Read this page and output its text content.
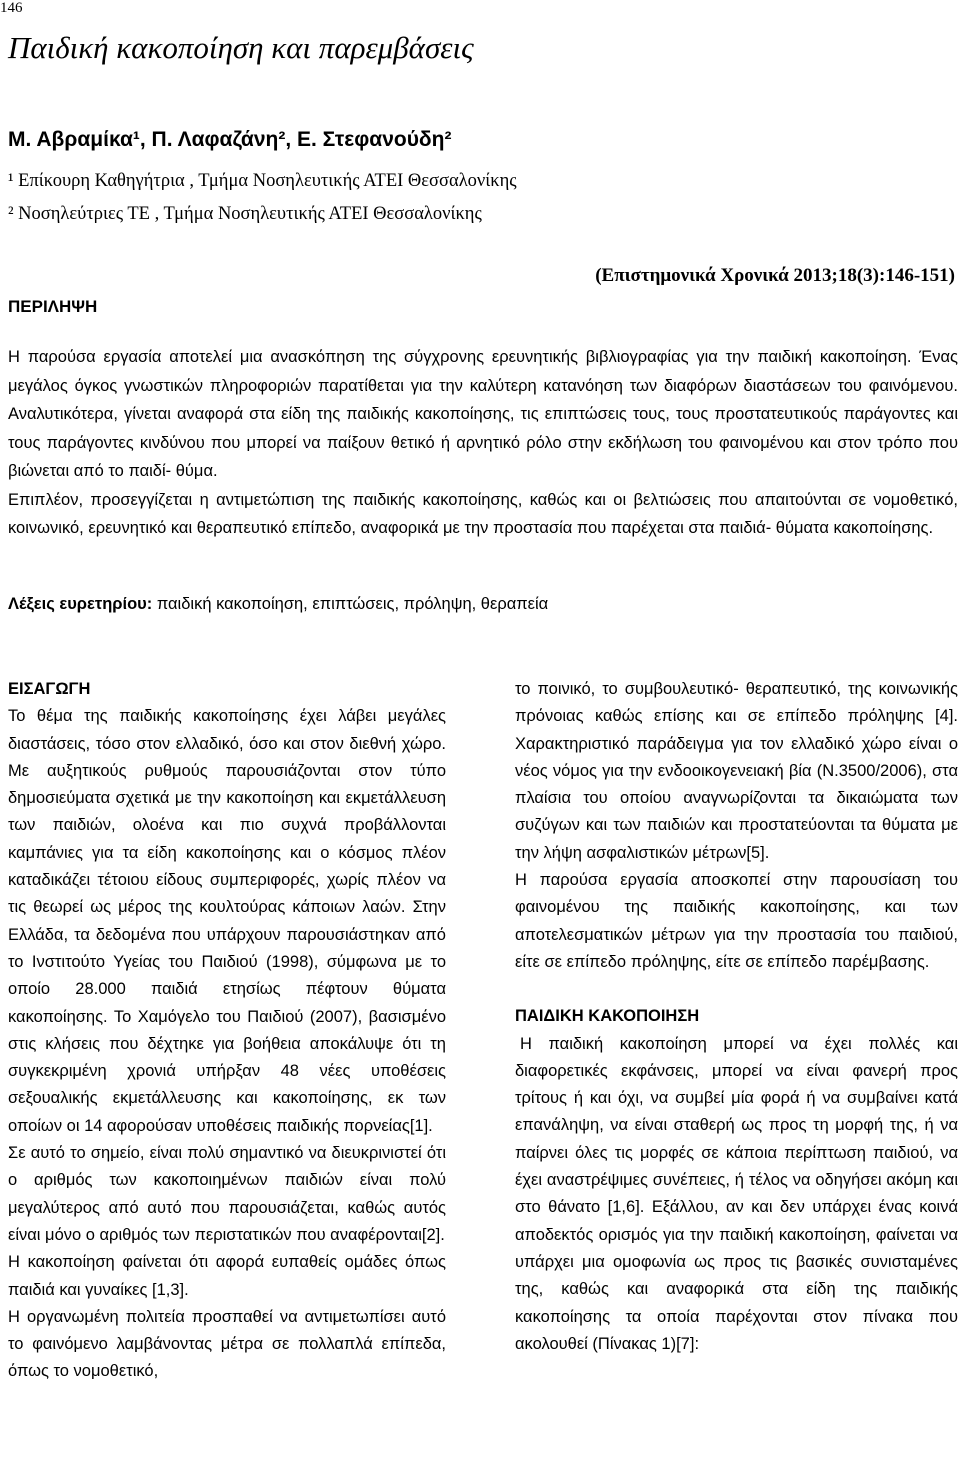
146
Παιδική κακοποίηση και παρεμβάσεις
Μ. Αβραμίκα¹, Π. Λαφαζάνη², Ε. Στεφανούδη²
¹ Επίκουρη Καθηγήτρια , Τμήμα Νοσηλευτικής ΑΤΕΙ Θεσσαλονίκης
² Νοσηλεύτριες ΤΕ , Τμήμα Νοσηλευτικής ΑΤΕΙ Θεσσαλονίκης
(Επιστημονικά Χρονικά 2013;18(3):146-151)
ΠΕΡΙΛΗΨΗ

Η παρούσα εργασία αποτελεί μια ανασκόπηση της σύγχρονης ερευνητικής βιβλιογραφίας για την παιδική κακοποίηση. Ένας μεγάλος όγκος γνωστικών πληροφοριών παρατίθεται για την καλύτερη κατανόηση των διαφόρων διαστάσεων του φαινόμενου. Αναλυτικότερα, γίνεται αναφορά στα είδη της παιδικής κακοποίησης, τις επιπτώσεις τους, τους προστατευτικούς παράγοντες και τους παράγοντες κινδύνου που μπορεί να παίξουν θετικό ή αρνητικό ρόλο στην εκδήλωση του φαινομένου και στον τρόπο που βιώνεται από το παιδί- θύμα.

Επιπλέον, προσεγγίζεται η αντιμετώπιση της παιδικής κακοποίησης, καθώς και οι βελτιώσεις που απαιτούνται σε νομοθετικό, κοινωνικό, ερευνητικό και θεραπευτικό επίπεδο, αναφορικά με την προστασία που παρέχεται στα παιδιά- θύματα κακοποίησης.

Λέξεις ευρετηρίου: παιδική κακοποίηση, επιπτώσεις, πρόληψη, θεραπεία
ΕΙΣΑΓΩΓΗ

Το θέμα της παιδικής κακοποίησης έχει λάβει μεγάλες διαστάσεις, τόσο στον ελλαδικό, όσο και στον διεθνή χώρο. Με αυξητικούς ρυθμούς παρουσιάζονται στον τύπο δημοσιεύματα σχετικά με την κακοποίηση και εκμετάλλευση των παιδιών, ολοένα και πιο συχνά προβάλλονται καμπάνιες για τα είδη κακοποίησης και ο κόσμος πλέον καταδικάζει τέτοιου είδους συμπεριφορές, χωρίς πλέον να τις θεωρεί ως μέρος της κουλτούρας κάποιων λαών. Στην Ελλάδα, τα δεδομένα που υπάρχουν παρουσιάστηκαν από το Ινστιτούτο Υγείας του Παιδιού (1998), σύμφωνα με το οποίο 28.000 παιδιά ετησίως πέφτουν θύματα κακοποίησης. Το Χαμόγελο του Παιδιού (2007), βασισμένο στις κλήσεις που δέχτηκε για βοήθεια αποκάλυψε ότι τη συγκεκριμένη χρονιά υπήρξαν 48 νέες υποθέσεις σεξουαλικής εκμετάλλευσης και κακοποίησης, εκ των οποίων οι 14 αφορούσαν υποθέσεις παιδικής πορνείας[1].

Σε αυτό το σημείο, είναι πολύ σημαντικό να διευκρινιστεί ότι ο αριθμός των κακοποιημένων παιδιών είναι πολύ μεγαλύτερος από αυτό που παρουσιάζεται, καθώς αυτός είναι μόνο ο αριθμός των περιστατικών που αναφέρονται[2].

Η κακοποίηση φαίνεται ότι αφορά ευπαθείς ομάδες όπως παιδιά και γυναίκες [1,3].

Η οργανωμένη πολιτεία προσπαθεί να αντιμετωπίσει αυτό το φαινόμενο λαμβάνοντας μέτρα σε πολλαπλά επίπεδα, όπως το νομοθετικό,

το ποινικό, το συμβουλευτικό- θεραπευτικό, της κοινωνικής πρόνοιας καθώς επίσης και σε επίπεδο πρόληψης [4]. Χαρακτηριστικό παράδειγμα για τον ελλαδικό χώρο είναι ο νέος νόμος για την ενδοοικογενειακή βία (Ν.3500/2006), στα πλαίσια του οποίου αναγνωρίζονται τα δικαιώματα των συζύγων και των παιδιών και προστατεύονται τα θύματα με την λήψη ασφαλιστικών μέτρων[5].

Η παρούσα εργασία αποσκοπεί στην παρουσίαση του φαινομένου της παιδικής κακοποίησης, και των αποτελεσματικών μέτρων για την προστασία του παιδιού, είτε σε επίπεδο πρόληψης, είτε σε επίπεδο παρέμβασης.

ΠΑΙΔΙΚΗ ΚΑΚΟΠΟΙΗΣΗ

Η παιδική κακοποίηση μπορεί να έχει πολλές και διαφορετικές εκφάνσεις, μπορεί να είναι φανερή προς τρίτους ή και όχι, να συμβεί μία φορά ή να συμβαίνει κατά επανάληψη, να είναι σταθερή ως προς τη μορφή της, ή να παίρνει όλες τις μορφές σε κάποια περίπτωση παιδιού, να έχει αναστρέψιμες συνέπειες, ή τέλος να οδηγήσει ακόμη και στο θάνατο [1,6]. Εξάλλου, αν και δεν υπάρχει ένας κοινά αποδεκτός ορισμός για την παιδική κακοποίηση, φαίνεται να υπάρχει μια ομοφωνία ως προς τις βασικές συνισταμένες της, καθώς και αναφορικά στα είδη της παιδικής κακοποίησης τα οποία παρέχονται στον πίνακα που ακολουθεί (Πίνακας 1)[7]:
